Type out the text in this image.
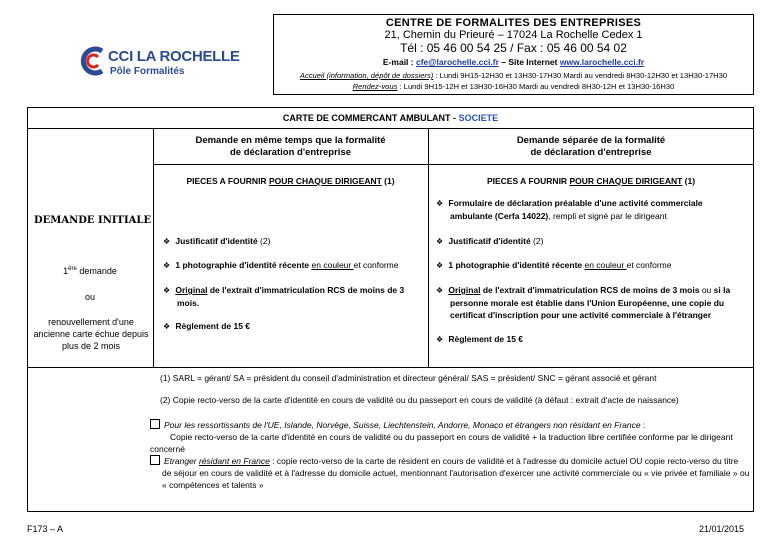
CENTRE DE FORMALITES DES ENTREPRISES
21, Chemin du Prieuré – 17024 La Rochelle Cedex 1
Tél : 05 46 00 54 25 / Fax : 05 46 00 54 02
E-mail : cfe@larochelle.cci.fr – Site Internet www.larochelle.cci.fr
Accueil (information, dépôt de dossiers) : Lundi 9H15-12H30 et 13H30-17H30 Mardi au vendredi 8H30-12H30 et 13H30-17H30
Rendez-vous : Lundi 9H15-12H et 13H30-16H30 Mardi au vendredi 8H30-12H et 13H30-16H30
CCI LA ROCHELLE
Pôle Formalités
CARTE DE COMMERCANT AMBULANT - SOCIETE
Demande en même temps que la formalité
de déclaration d'entreprise
Demande séparée de la formalité
de déclaration d'entreprise
PIECES A FOURNIR POUR CHAQUE DIRIGEANT (1)	PIECES A FOURNIR POUR CHAQUE DIRIGEANT (1)
DEMANDE INITIALE
1ère demande
ou
renouvellement d'une ancienne carte échue depuis plus de 2 mois
❖ Justificatif d'identité (2)
❖ 1 photographie d'identité récente en couleur et conforme
❖ Original de l'extrait d'immatriculation RCS de moins de 3 mois.
❖ Règlement de 15 €
❖ Formulaire de déclaration préalable d'une activité commerciale ambulante (Cerfa 14022), rempli et signé par le dirigeant
❖ Justificatif d'identité (2)
❖ 1 photographie d'identité récente en couleur et conforme
❖ Original de l'extrait d'immatriculation RCS de moins de 3 mois ou si la personne morale est établie dans l'Union Européenne, une copie du certificat d'inscription pour une activité commerciale à l'étranger
❖ Règlement de 15 €
(1) SARL = gérant/ SA = président du conseil d'administration et directeur général/ SAS = président/ SNC = gérant associé et gérant
(2) Copie recto-verso de la carte d'identité en cours de validité ou du passeport en cours de validité (à défaut : extrait d'acte de naissance)
Pour les ressortissants de l'UE, Islande, Norvège, Suisse, Liechtenstein, Andorre, Monaco et étrangers non résidant en France :
Copie recto-verso de la carte d'identité en cours de validité ou du passeport en cours de validité + la traduction libre certifiée conforme par le dirigeant concerné
Etranger résidant en France : copie recto-verso de la carte de résident en cours de validité et à l'adresse du domicile actuel OU copie recto-verso du titre de séjour en cours de validité et à l'adresse du domicile actuel, mentionnant l'autorisation d'exercer une activité commerciale ou « vie privée et familiale » ou « compétences et talents »
F173 – A	21/01/2015
